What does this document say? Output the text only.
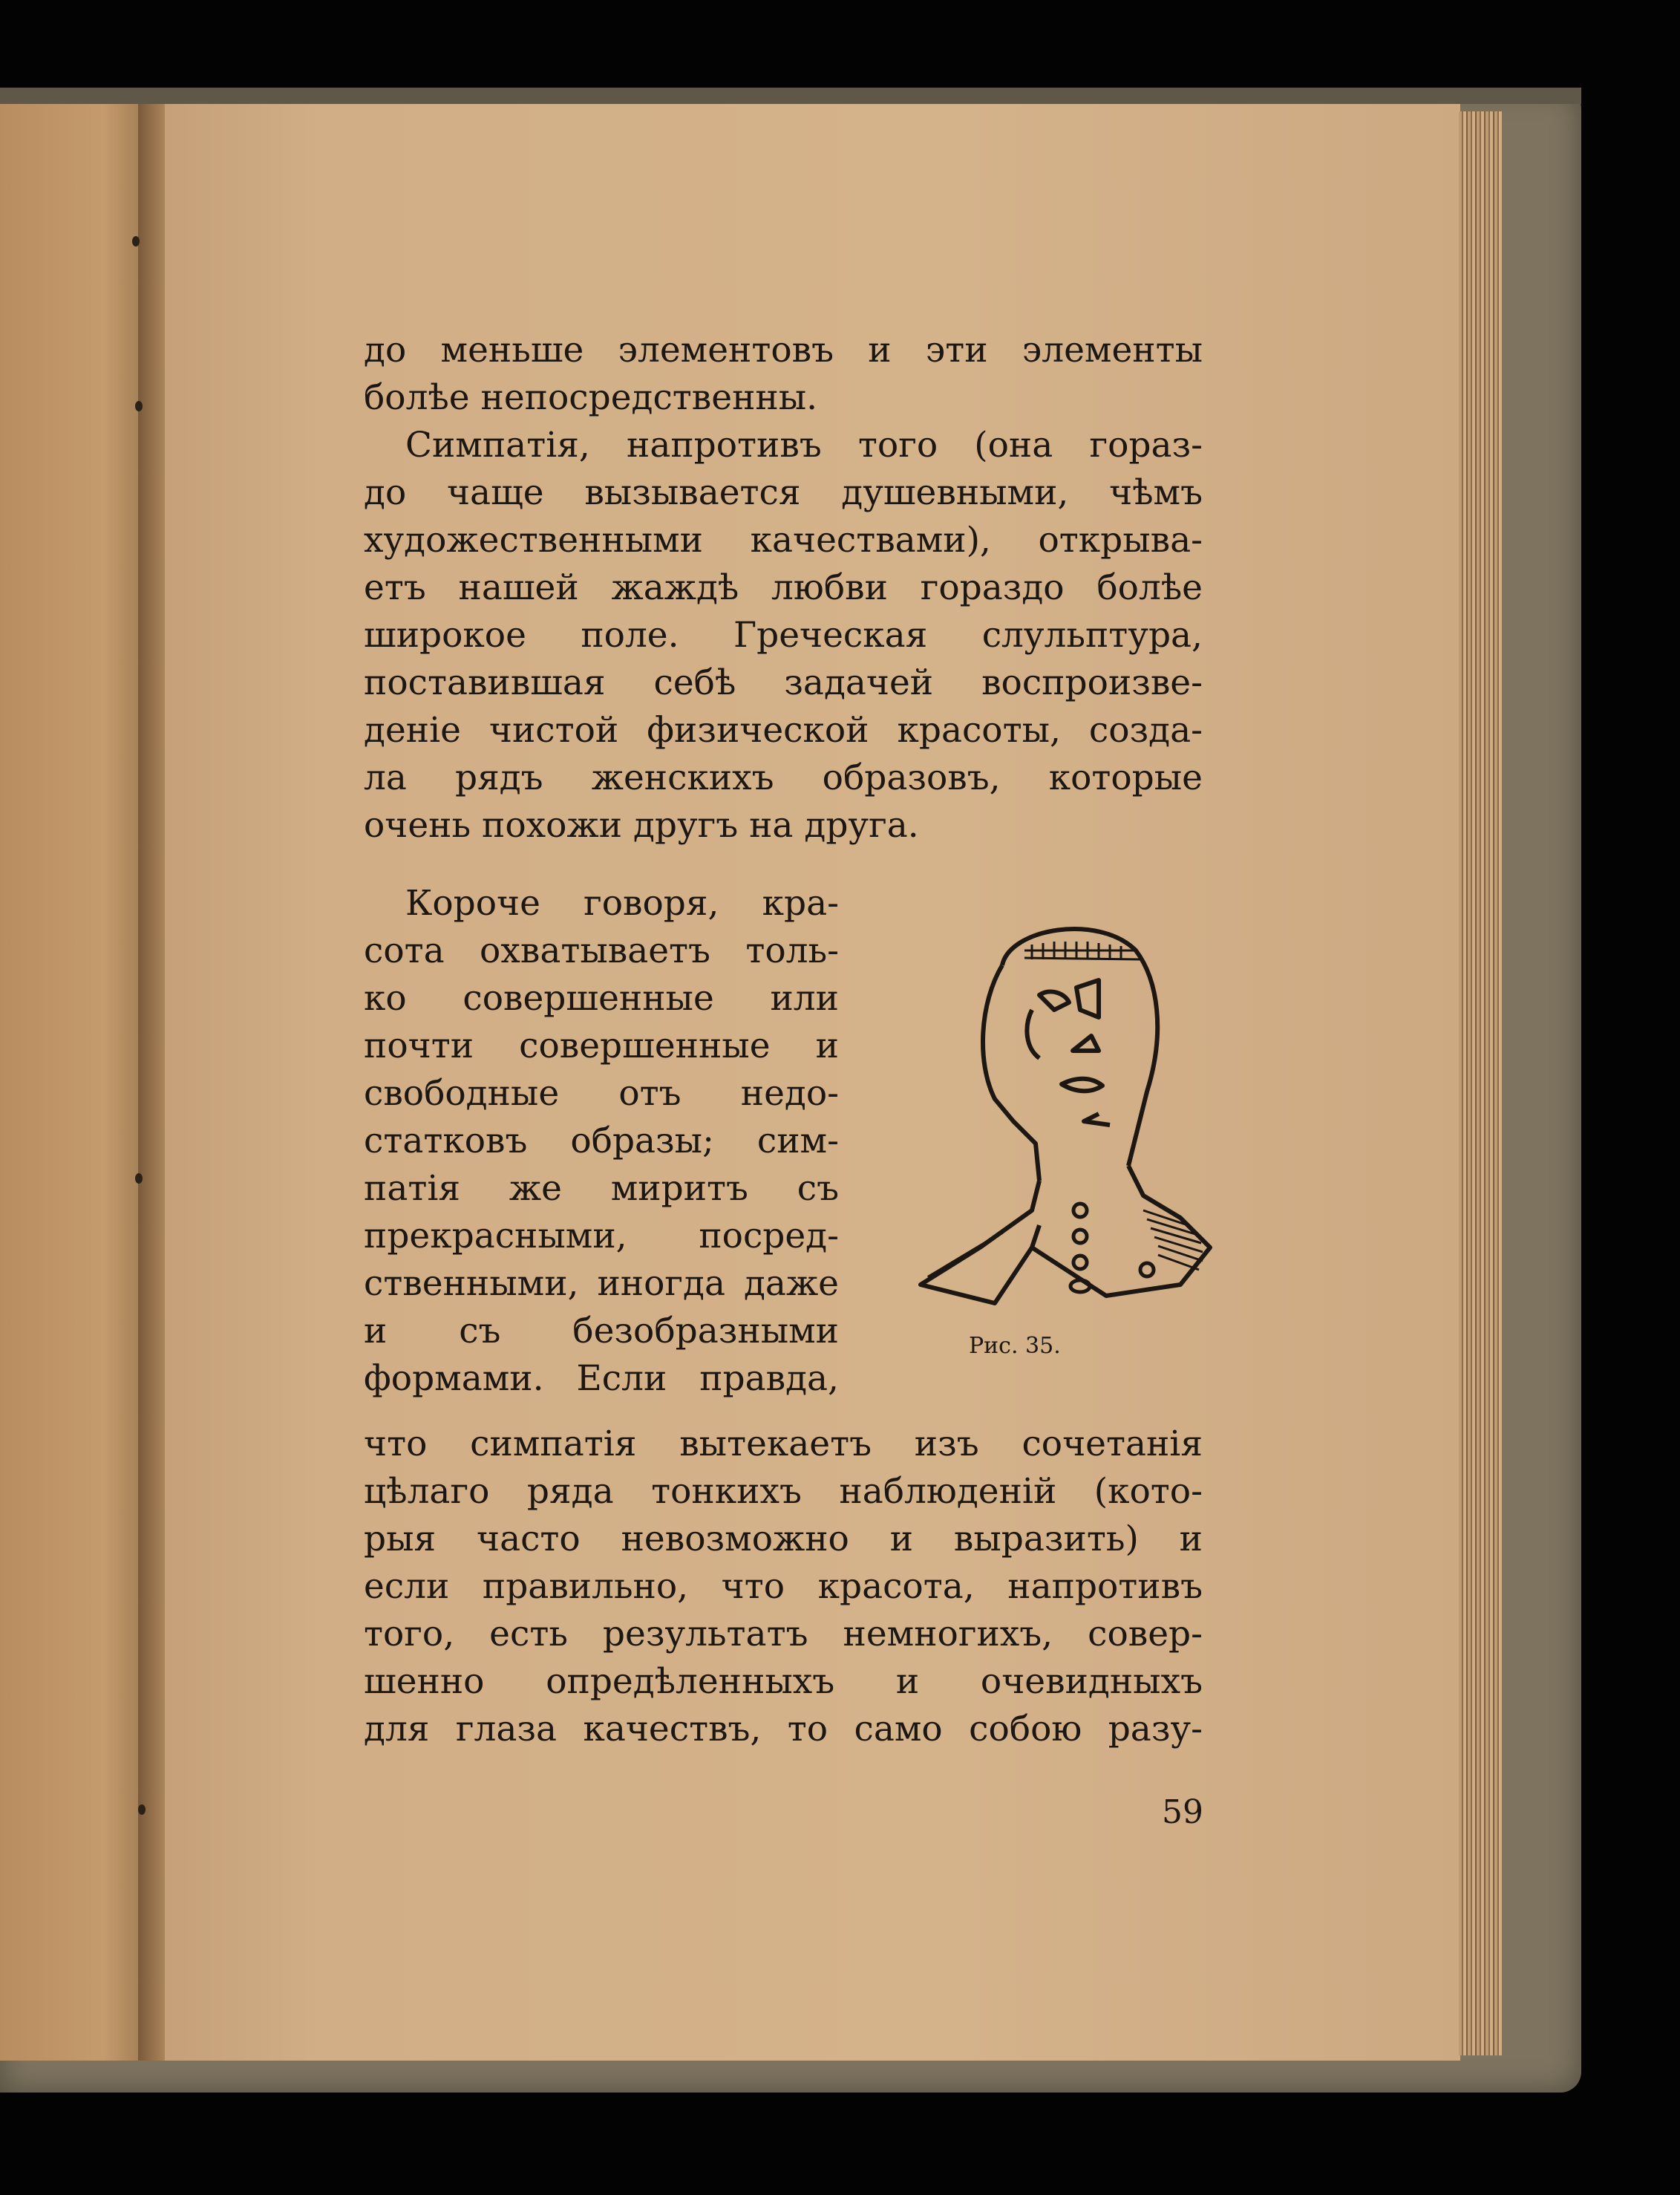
до меньше элементовъ и эти элементы
болѣе непосредственны.
Симпатія, напротивъ того (она гораз-
до чаще вызывается душевными, чѣмъ
художественными качествами), открыва-
етъ нашей жаждѣ любви гораздо болѣе
широкое поле. Греческая слульптура,
поставившая себѣ задачей воспроизве-
деніе чистой физической красоты, созда-
ла рядъ женскихъ образовъ, которые
очень похожи другъ на друга.
Короче говоря, кра-
сота охватываетъ толь-
ко совершенные или
почти совершенные и
свободные отъ недо-
статковъ образы; сим-
патія же миритъ съ
прекрасными, посред-
ственными, иногда даже
и съ безобразными
формами. Если правда,
Рис. 35.
что симпатія вытекаетъ изъ сочетанія
цѣлаго ряда тонкихъ наблюденій (кото-
рыя часто невозможно и выразить) и
если правильно, что красота, напротивъ
того, есть результатъ немногихъ, совер-
шенно опредѣленныхъ и очевидныхъ
для глаза качествъ, то само собою разу-
59
